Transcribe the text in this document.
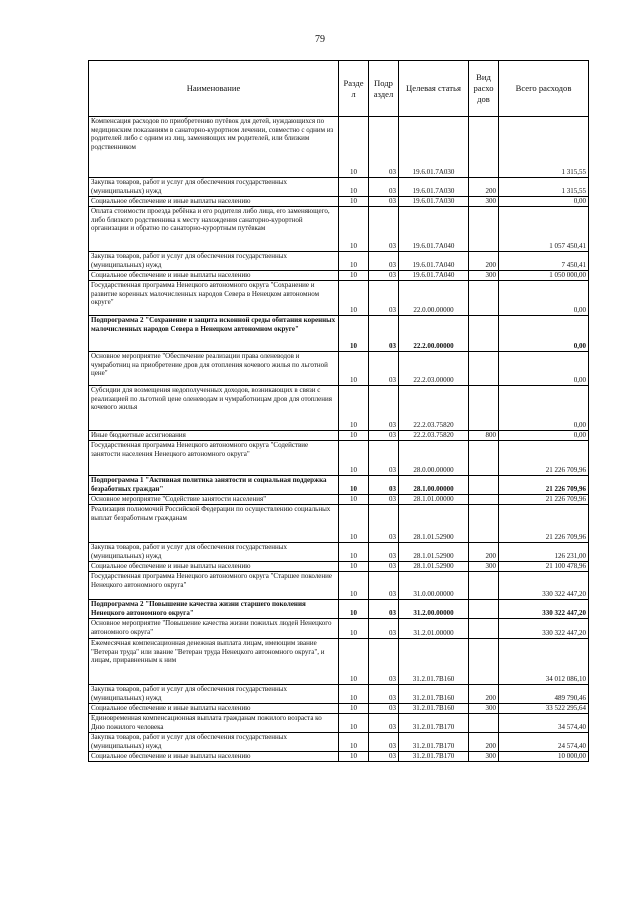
79
Наименование	Разде л	Подр аздел	Целевая статья	Вид расхо дов	Всего расходов
Компенсация расходов по приобретению путёвок для детей, нуждающихся по медицинским показаниям в санаторно-курортном лечении, совместно с одним из родителей либо с одним из лиц, заменяющих им родителей, или близким родственником	10	03	19.6.01.7А030		1 315,55
Закупка товаров, работ и услуг для обеспечения государственных (муниципальных) нужд	10	03	19.6.01.7А030	200	1 315,55
Социальное обеспечение и иные выплаты населению	10	03	19.6.01.7А030	300	0,00
Оплата стоимости проезда ребёнка и его родителя либо лица, его заменяющего, либо близкого родственника к месту нахождения санаторно-курортной организации и обратно по санаторно-курортным путёвкам	10	03	19.6.01.7А040		1 057 450,41
Закупка товаров, работ и услуг для обеспечения государственных (муниципальных) нужд	10	03	19.6.01.7А040	200	7 450,41
Социальное обеспечение и иные выплаты населению	10	03	19.6.01.7А040	300	1 050 000,00
Государственная программа Ненецкого автономного округа "Сохранение и развитие коренных малочисленных народов Севера в Ненецком автономном округе"	10	03	22.0.00.00000		0,00
Подпрограмма 2 "Сохранение и защита исконной среды обитания коренных малочисленных народов Севера в Ненецком автономном округе"	10	03	22.2.00.00000		0,00
Основное мероприятие "Обеспечение реализации права оленеводов и чумработниц на приобретение дров для отопления кочевого жилья по льготной цене"	10	03	22.2.03.00000		0,00
Субсидии для возмещения недополученных доходов, возникающих в связи с реализацией по льготной цене оленеводам и чумработницам дров для отопления кочевого жилья	10	03	22.2.03.75820		0,00
Иные бюджетные ассигнования	10	03	22.2.03.75820	800	0,00
Государственная программа Ненецкого автономного округа "Содействие занятости населения Ненецкого автономного округа"	10	03	28.0.00.00000		21 226 709,96
Подпрограмма 1 "Активная политика занятости и социальная поддержка безработных граждан"	10	03	28.1.00.00000		21 226 709,96
Основное мероприятие "Содействие занятости населения"	10	03	28.1.01.00000		21 226 709,96
Реализация полномочий Российской Федерации по осуществлению социальных выплат безработным гражданам	10	03	28.1.01.52900		21 226 709,96
Закупка товаров, работ и услуг для обеспечения государственных (муниципальных) нужд	10	03	28.1.01.52900	200	126 231,00
Социальное обеспечение и иные выплаты населению	10	03	28.1.01.52900	300	21 100 478,96
Государственная программа Ненецкого автономного округа "Старшее поколение Ненецкого автономного округа"	10	03	31.0.00.00000		330 322 447,20
Подпрограмма 2 "Повышение качества жизни старшего поколения Ненецкого автономного округа"	10	03	31.2.00.00000		330 322 447,20
Основное мероприятие "Повышение качества жизни пожилых людей Ненецкого автономного округа"	10	03	31.2.01.00000		330 322 447,20
Ежемесячная компенсационная денежная выплата лицам, имеющим звание "Ветеран труда" или звание "Ветеран труда Ненецкого автономного округа", и лицам, приравненным к ним	10	03	31.2.01.7В160		34 012 086,10
Закупка товаров, работ и услуг для обеспечения государственных (муниципальных) нужд	10	03	31.2.01.7В160	200	489 790,46
Социальное обеспечение и иные выплаты населению	10	03	31.2.01.7В160	300	33 522 295,64
Единовременная компенсационная выплата гражданам пожилого возраста ко Дню пожилого человека	10	03	31.2.01.7В170		34 574,40
Закупка товаров, работ и услуг для обеспечения государственных (муниципальных) нужд	10	03	31.2.01.7В170	200	24 574,40
Социальное обеспечение и иные выплаты населению	10	03	31.2.01.7В170	300	10 000,00
